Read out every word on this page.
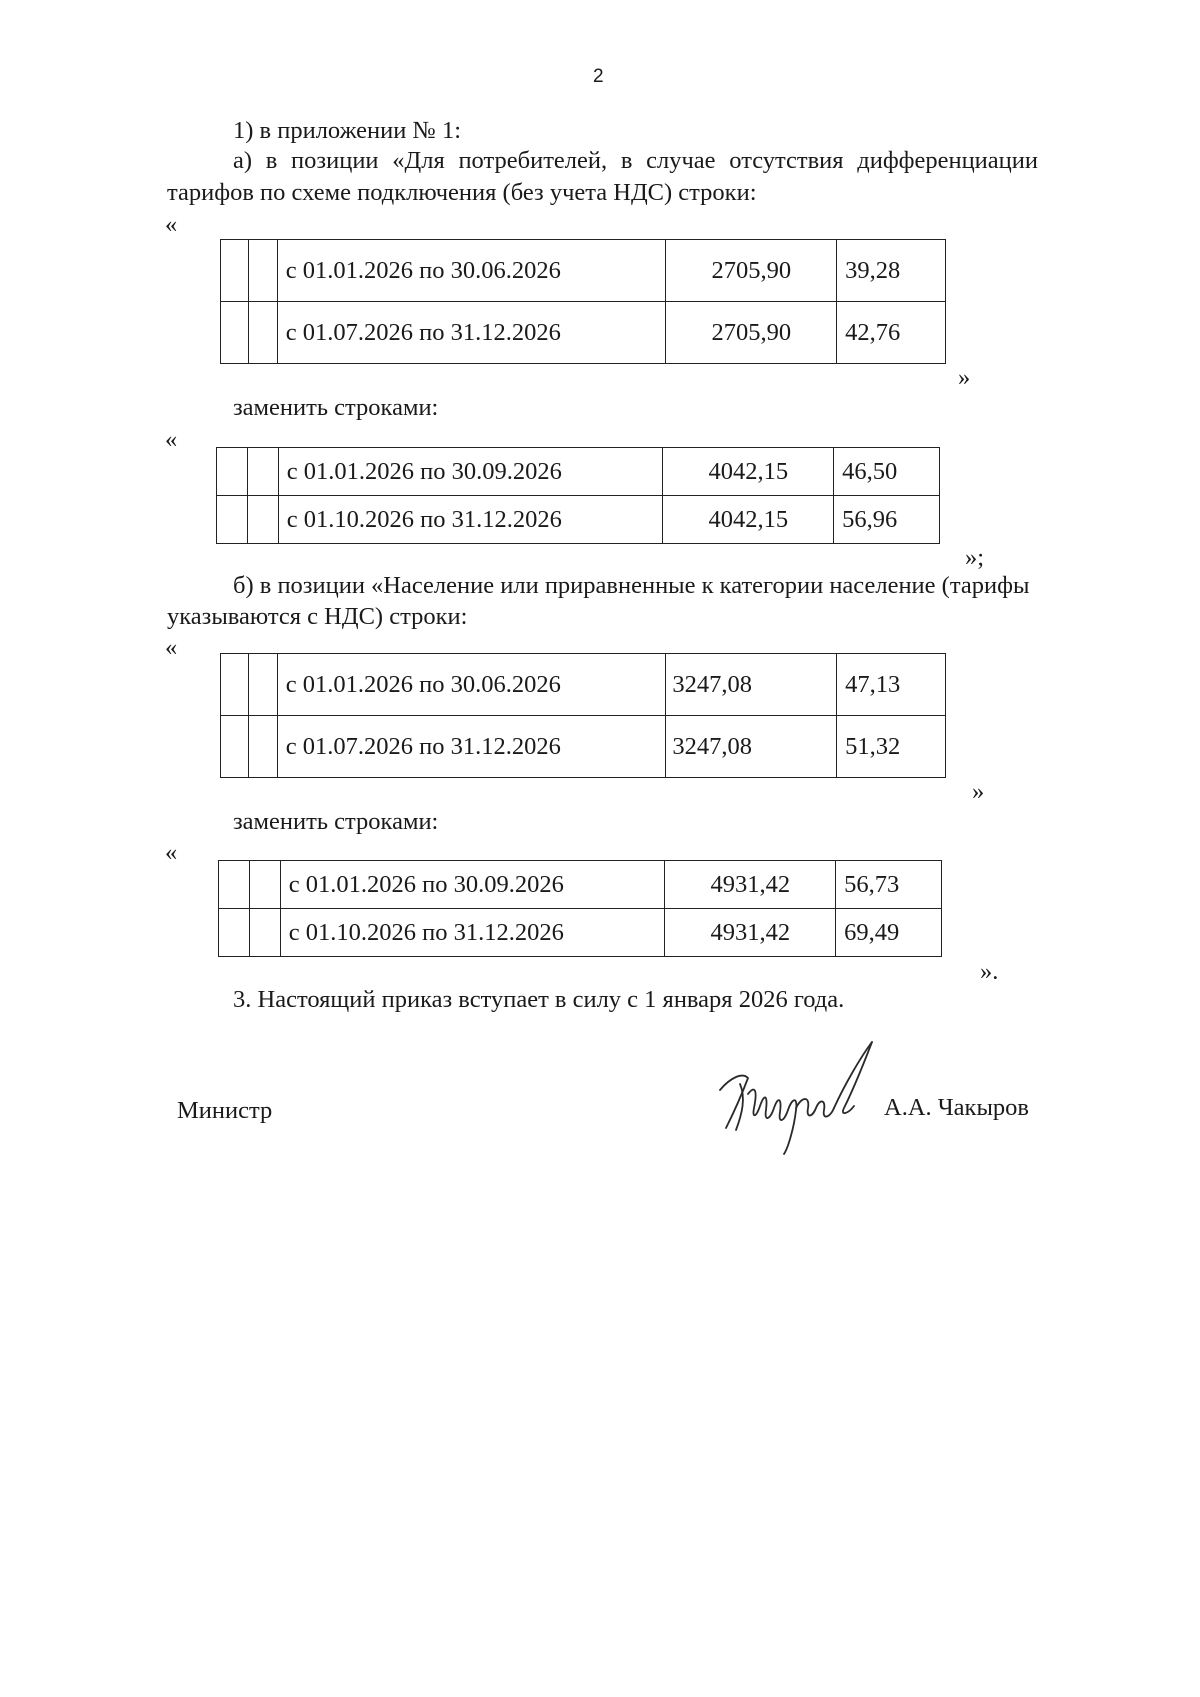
2
1) в приложении № 1:
а) в позиции «Для потребителей, в случае отсутствия дифференциации
тарифов по схеме подключения (без учета НДС) строки:
«
		с 01.01.2026 по 30.06.2026	2705,90	39,28
		с 01.07.2026 по 31.12.2026	2705,90	42,76
»
заменить строками:
«
		с 01.01.2026 по 30.09.2026	4042,15	46,50
		с 01.10.2026 по 31.12.2026	4042,15	56,96
»;
б) в позиции «Население или приравненные к категории население (тарифы
указываются с НДС) строки:
«
		с 01.01.2026 по 30.06.2026	3247,08	47,13
		с 01.07.2026 по 31.12.2026	3247,08	51,32
»
заменить строками:
«
		с 01.01.2026 по 30.09.2026	4931,42	56,73
		с 01.10.2026 по 31.12.2026	4931,42	69,49
».
3. Настоящий приказ вступает в силу с 1 января 2026 года.
Министр	А.А. Чакыров
